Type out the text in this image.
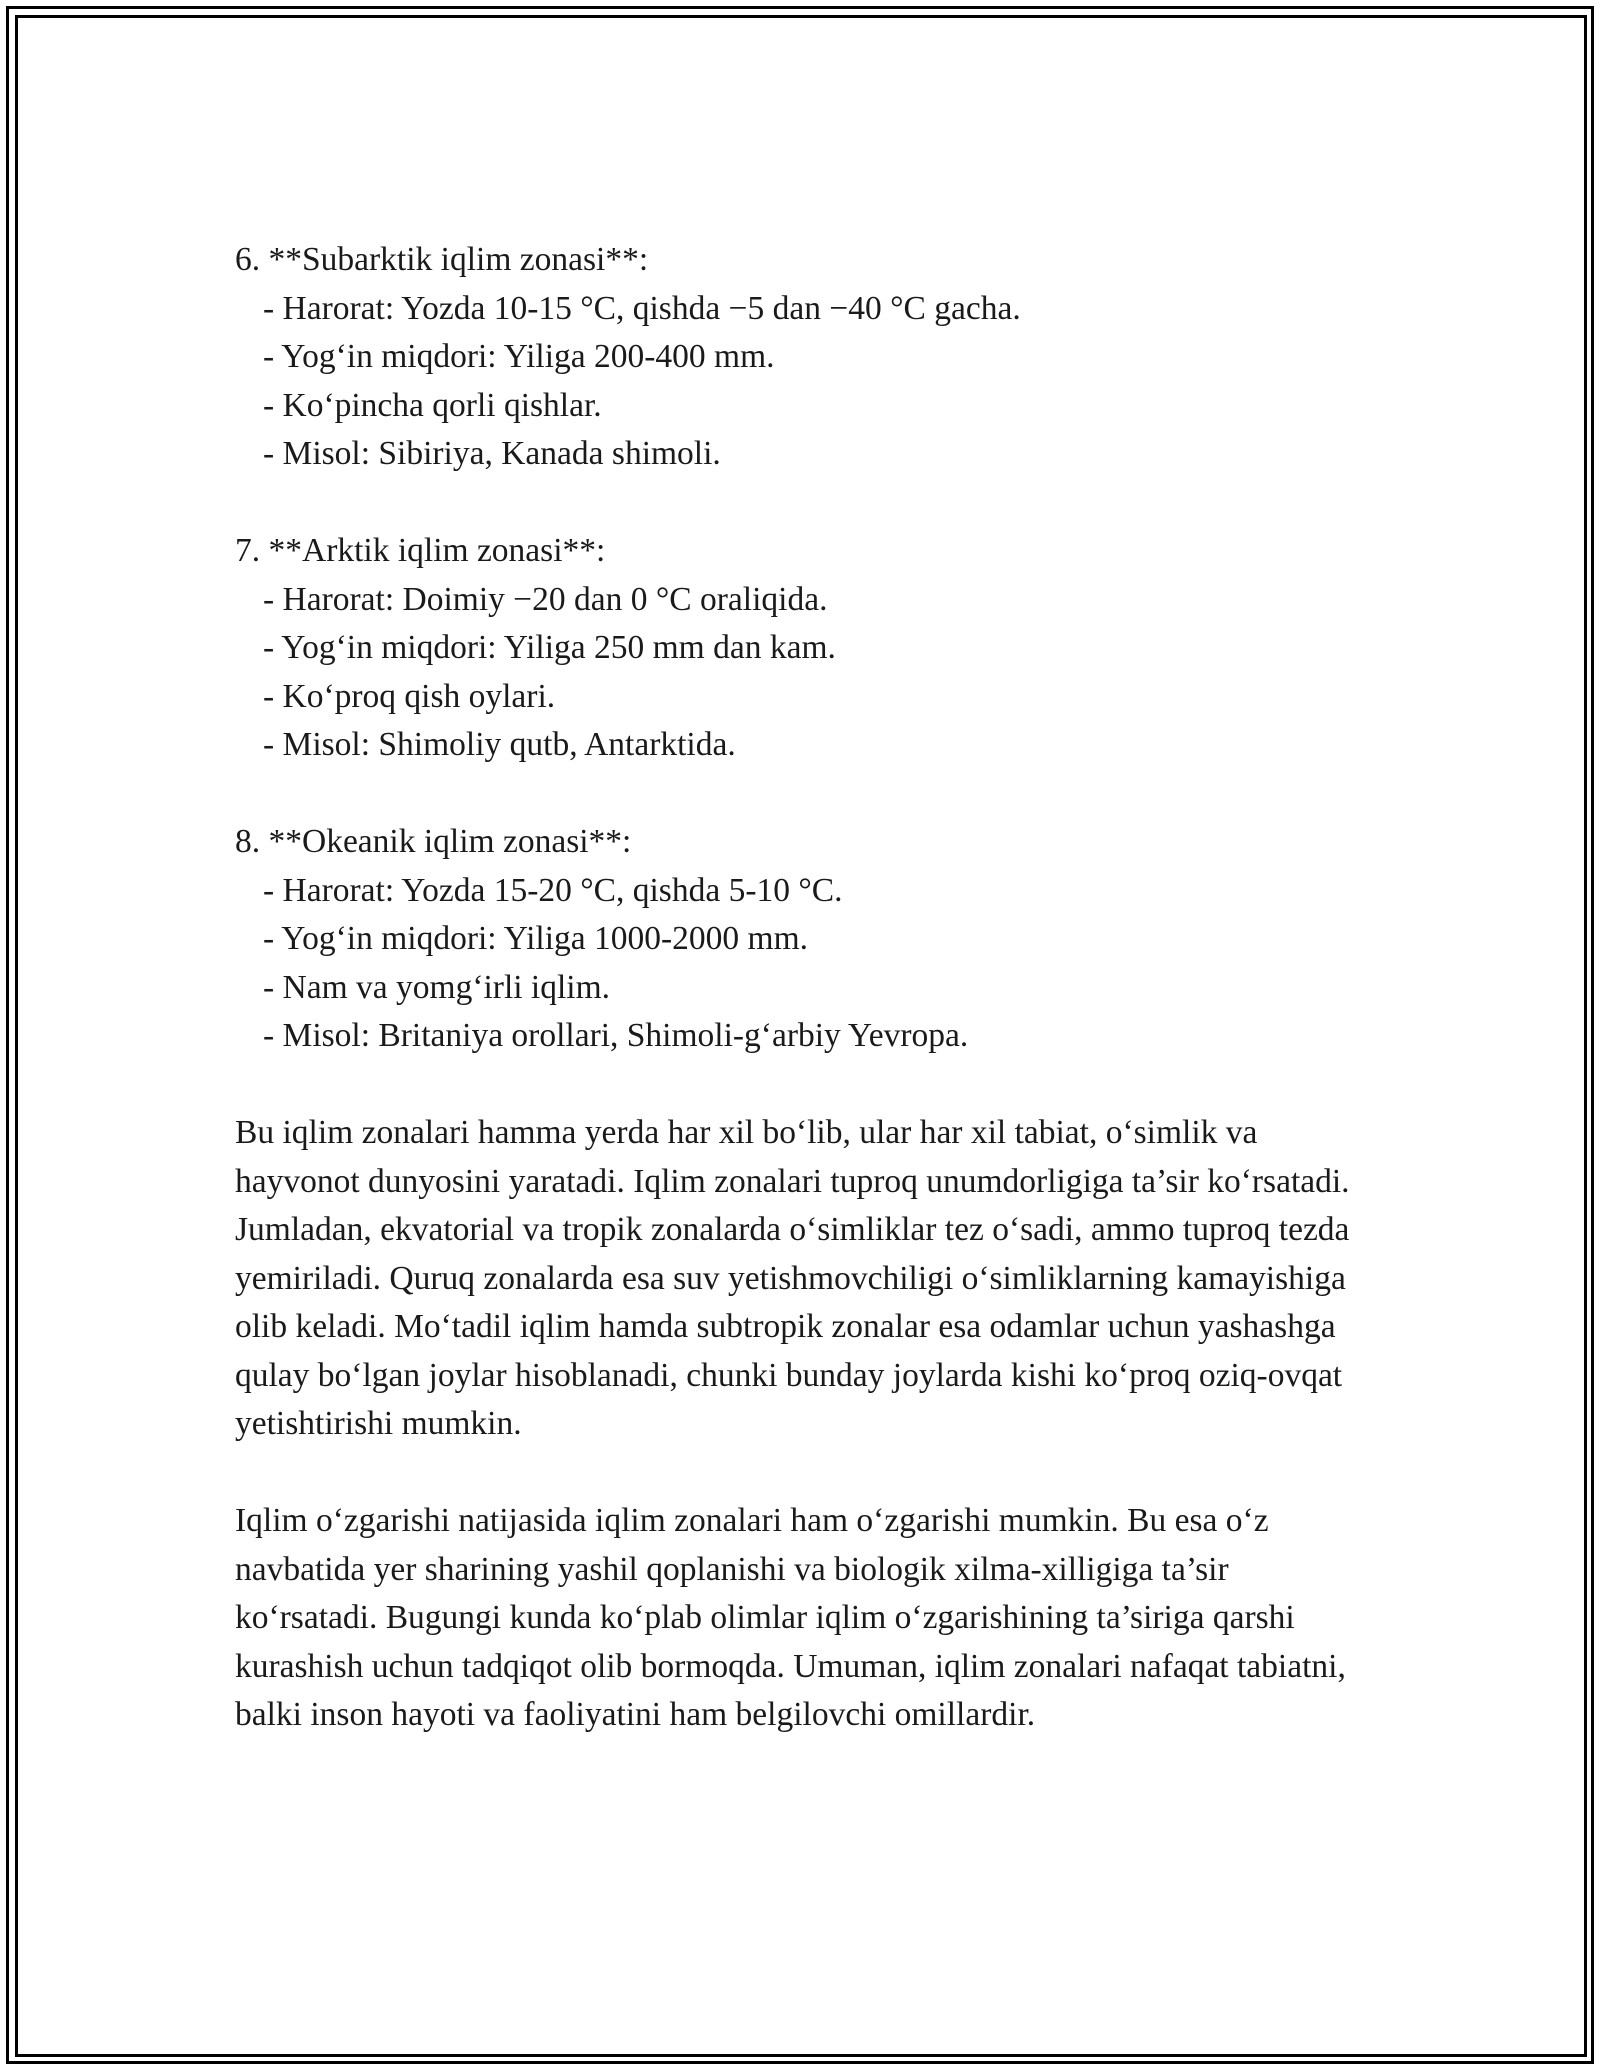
6. **Subarktik iqlim zonasi**:
- Harorat: Yozda 10-15 °C, qishda −5 dan −40 °C gacha.
- Yog‘in miqdori: Yiliga 200-400 mm.
- Ko‘pincha qorli qishlar.
- Misol: Sibiriya, Kanada shimoli.
7. **Arktik iqlim zonasi**:
- Harorat: Doimiy −20 dan 0 °C oraliqida.
- Yog‘in miqdori: Yiliga 250 mm dan kam.
- Ko‘proq qish oylari.
- Misol: Shimoliy qutb, Antarktida.
8. **Okeanik iqlim zonasi**:
- Harorat: Yozda 15-20 °C, qishda 5-10 °C.
- Yog‘in miqdori: Yiliga 1000-2000 mm.
- Nam va yomg‘irli iqlim.
- Misol: Britaniya orollari, Shimoli-g‘arbiy Yevropa.

Bu iqlim zonalari hamma yerda har xil bo‘lib, ular har xil tabiat, o‘simlik va hayvonot dunyosini yaratadi. Iqlim zonalari tuproq unumdorligiga ta’sir ko‘rsatadi. Jumladan, ekvatorial va tropik zonalarda o‘simliklar tez o‘sadi, ammo tuproq tezda yemiriladi. Quruq zonalarda esa suv yetishmovchiligi o‘simliklarning kamayishiga olib keladi. Mo‘tadil iqlim hamda subtropik zonalar esa odamlar uchun yashashga qulay bo‘lgan joylar hisoblanadi, chunki bunday joylarda kishi ko‘proq oziq-ovqat yetishtirishi mumkin.

Iqlim o‘zgarishi natijasida iqlim zonalari ham o‘zgarishi mumkin. Bu esa o‘z navbatida yer sharining yashil qoplanishi va biologik xilma-xilligiga ta’sir ko‘rsatadi. Bugungi kunda ko‘plab olimlar iqlim o‘zgarishining ta’siriga qarshi kurashish uchun tadqiqot olib bormoqda. Umuman, iqlim zonalari nafaqat tabiatni, balki inson hayoti va faoliyatini ham belgilovchi omillardir.
